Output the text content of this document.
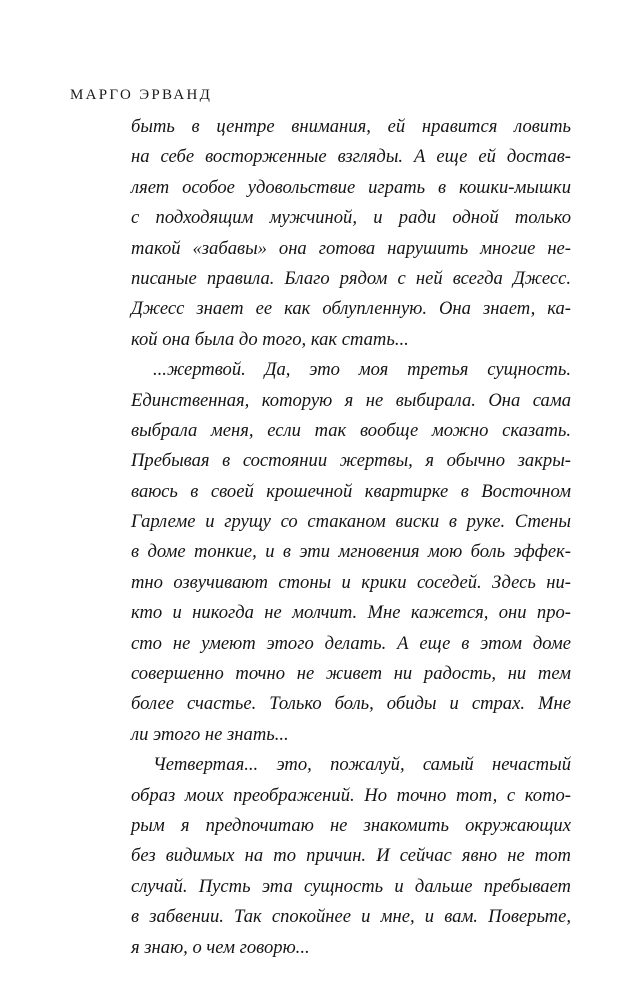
МАРГО ЭРВАНД
быть в центре внимания, ей нравится ловить
на себе восторженные взгляды. А еще ей достав-
ляет особое удовольствие играть в кошки-мышки
с подходящим мужчиной, и ради одной только
такой «забавы» она готова нарушить многие не-
писаные правила. Благо рядом с ней всегда Джесс.
Джесс знает ее как облупленную. Она знает, ка-
кой она была до того, как стать...
...жертвой. Да, это моя третья сущность.
Единственная, которую я не выбирала. Она сама
выбрала меня, если так вообще можно сказать.
Пребывая в состоянии жертвы, я обычно закры-
ваюсь в своей крошечной квартирке в Восточном
Гарлеме и грущу со стаканом виски в руке. Стены
в доме тонкие, и в эти мгновения мою боль эффек-
тно озвучивают стоны и крики соседей. Здесь ни-
кто и никогда не молчит. Мне кажется, они про-
сто не умеют этого делать. А еще в этом доме
совершенно точно не живет ни радость, ни тем
более счастье. Только боль, обиды и страх. Мне
ли этого не знать...
Четвертая... это, пожалуй, самый нечастый
образ моих преображений. Но точно тот, с кото-
рым я предпочитаю не знакомить окружающих
без видимых на то причин. И сейчас явно не тот
случай. Пусть эта сущность и дальше пребывает
в забвении. Так спокойнее и мне, и вам. Поверьте,
я знаю, о чем говорю...
